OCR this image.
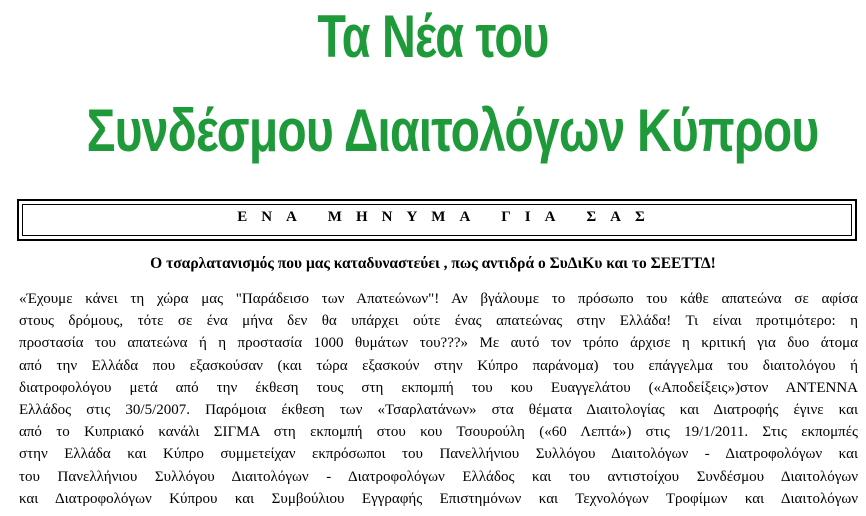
Τα Νέα του
Συνδέσμου Διαιτολόγων Κύπρου
ΕΝΑ ΜΗΝΥΜΑ ΓΙΑ ΣΑΣ
Ο τσαρλατανισμός που μας καταδυναστεύει , πως αντιδρά ο ΣυΔιΚυ και το ΣΕΕΤΤΔ!
«Έχουμε κάνει τη χώρα μας "Παράδεισο των Απατεώνων"! Αν βγάλουμε το πρόσωπο του κάθε απατεώνα σε αφίσα
στους δρόμους, τότε σε ένα μήνα δεν θα υπάρχει ούτε ένας απατεώνας στην Ελλάδα! Τι είναι προτιμότερο: η
προστασία του απατεώνα ή η προστασία 1000 θυμάτων του???» Με αυτό τον τρόπο άρχισε η κριτική για δυο άτομα
από την Ελλάδα που εξασκούσαν (και τώρα εξασκούν στην Κύπρο παράνομα) του επάγγελμα του διαιτολόγου ή
διατροφολόγου μετά από την έκθεση τους στη εκπομπή του κου Ευαγγελάτου («Αποδείξεις»)στον ΑΝΤΕΝΝΑ
Ελλάδος στις 30/5/2007. Παρόμοια έκθεση των «Τσαρλατάνων» στα θέματα Διαιτολογίας και Διατροφής έγινε και
από το Κυπριακό κανάλι ΣΙΓΜΑ στη εκπομπή στου κου Τσουρούλη («60 Λεπτά») στις 19/1/2011. Στις εκπομπές
στην Ελλάδα και Κύπρο συμμετείχαν εκπρόσωποι του Πανελλήνιου Συλλόγου Διαιτολόγων - Διατροφολόγων και
του Πανελλήνιου Συλλόγου Διαιτολόγων - Διατροφολόγων Ελλάδος και του αντιστοίχου Συνδέσμου Διαιτολόγων
και Διατροφολόγων Κύπρου και Συμβούλιου Εγγραφής Επιστημόνων και Τεχνολόγων Τροφίμων και Διαιτολόγων
